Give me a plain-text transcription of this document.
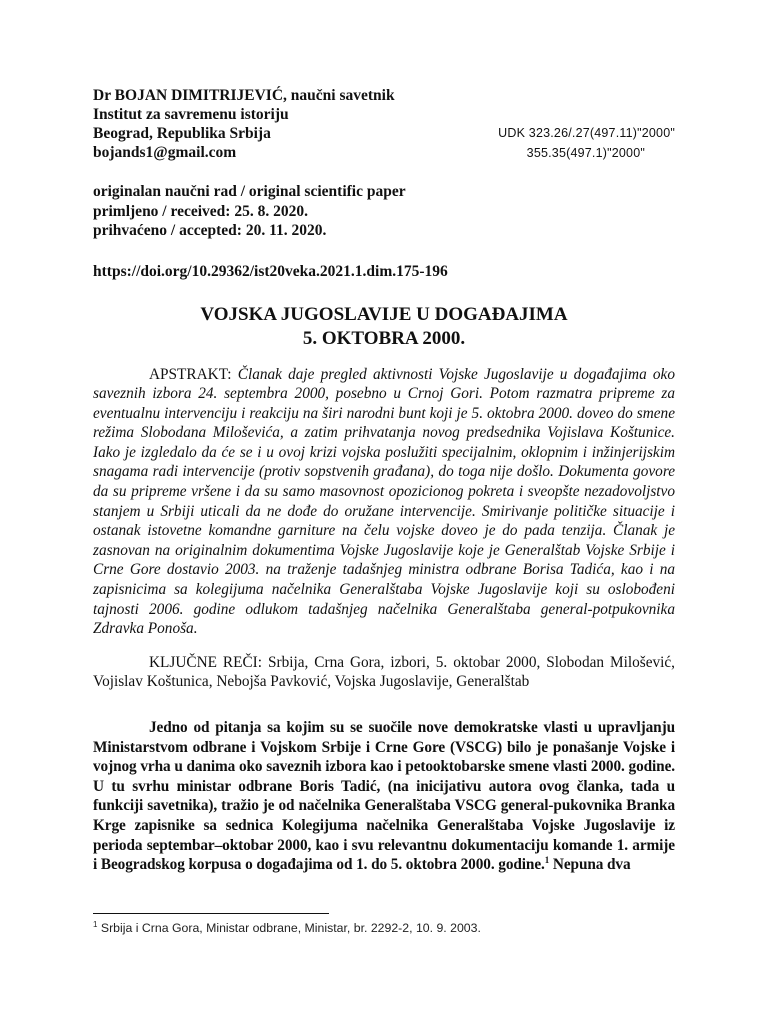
Dr BOJAN DIMITRIJEVIĆ, naučni savetnik
Institut za savremenu istoriju
Beograd, Republika Srbija
bojands1@gmail.com
UDK 323.26/.27(497.11)"2000"
355.35(497.1)"2000"
originalan naučni rad / original scientific paper
primljeno / received: 25. 8. 2020.
prihvaćeno / accepted: 20. 11. 2020.
https://doi.org/10.29362/ist20veka.2021.1.dim.175-196
VOJSKA JUGOSLAVIJE U DOGAĐAJIMA
5. OKTOBRA 2000.
APSTRAKT: Članak daje pregled aktivnosti Vojske Jugoslavije u događajima oko saveznih izbora 24. septembra 2000, posebno u Crnoj Gori. Potom razmatra pripreme za eventualnu intervenciju i reakciju na širi narodni bunt koji je 5. oktobra 2000. doveo do smene režima Slobodana Miloševića, a zatim prihvatanja novog predsednika Vojislava Koštunice. Iako je izgledalo da će se i u ovoj krizi vojska poslužiti specijalnim, oklopnim i inžinjerijskim snagama radi intervencije (protiv sopstvenih građana), do toga nije došlo. Dokumenta govore da su pripreme vršene i da su samo masovnost opozicionog pokreta i sveopšte nezadovoljstvo stanjem u Srbiji uticali da ne dođe do oružane intervencije. Smirivanje političke situacije i ostanak istovetne komandne garniture na čelu vojske doveo je do pada tenzija. Članak je zasnovan na originalnim dokumentima Vojske Jugoslavije koje je Generalštab Vojske Srbije i Crne Gore dostavio 2003. na traženje tadašnjeg ministra odbrane Borisa Tadića, kao i na zapisnicima sa kolegijuma načelnika Generalštaba Vojske Jugoslavije koji su oslobođeni tajnosti 2006. godine odlukom tadašnjeg načelnika Generalštaba general-potpukovnika Zdravka Ponoša.
KLJUČNE REČI: Srbija, Crna Gora, izbori, 5. oktobar 2000, Slobodan Milošević, Vojislav Koštunica, Nebojša Pavković, Vojska Jugoslavije, Generalštab
Jedno od pitanja sa kojim su se suočile nove demokratske vlasti u upravljanju Ministarstvom odbrane i Vojskom Srbije i Crne Gore (VSCG) bilo je ponašanje Vojske i vojnog vrha u danima oko saveznih izbora kao i petooktobarske smene vlasti 2000. godine. U tu svrhu ministar odbrane Boris Tadić, (na inicijativu autora ovog članka, tada u funkciji savetnika), tražio je od načelnika Generalštaba VSCG general-pukovnika Branka Krge zapisnike sa sednica Kolegijuma načelnika Generalštaba Vojske Jugoslavije iz perioda septembar–oktobar 2000, kao i svu relevantnu dokumentaciju komande 1. armije i Beogradskog korpusa o događajima od 1. do 5. oktobra 2000. godine.$^1$ Nepuna dva
$^1$ Srbija i Crna Gora, Ministar odbrane, Ministar, br. 2292-2, 10. 9. 2003.
